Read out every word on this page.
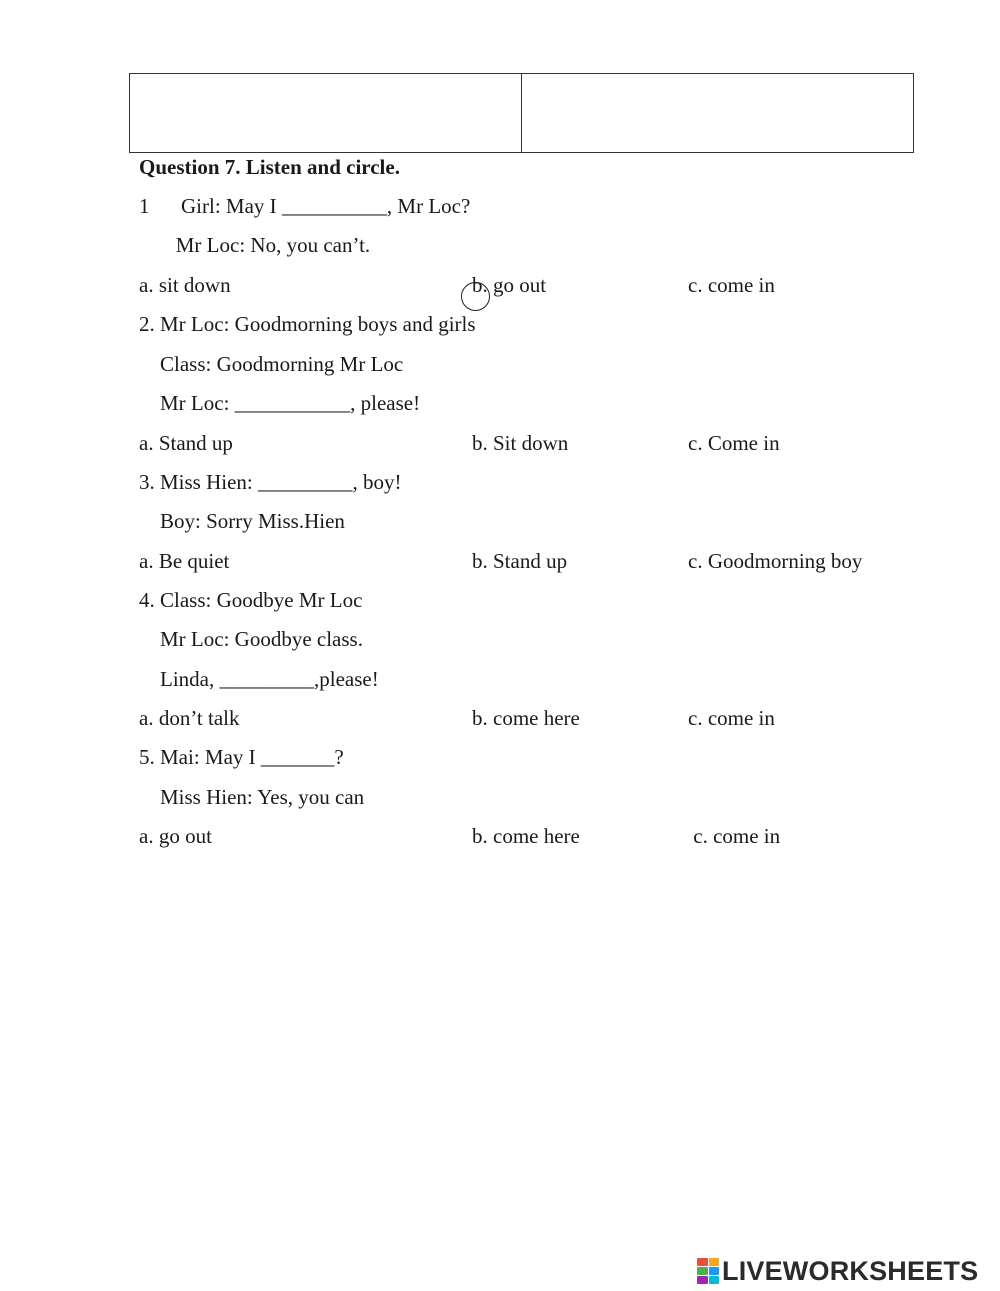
Question 7. Listen and circle.
1      Girl: May I __________, Mr Loc?
Mr Loc: No, you can’t.
a. sit down	b. go out	c. come in
2. Mr Loc: Goodmorning boys and girls
Class: Goodmorning Mr Loc
Mr Loc: ___________, please!
a. Stand up	b. Sit down	c. Come in
3. Miss Hien: _________, boy!
Boy: Sorry Miss.Hien
a. Be quiet	b. Stand up	c. Goodmorning boy
4. Class: Goodbye Mr Loc
Mr Loc: Goodbye class.
Linda, _________,please!
a. don’t talk	b. come here	c. come in
5. Mai: May I _______?
Miss Hien: Yes, you can
a. go out	b. come here	c. come in
LIVEWORKSHEETS
